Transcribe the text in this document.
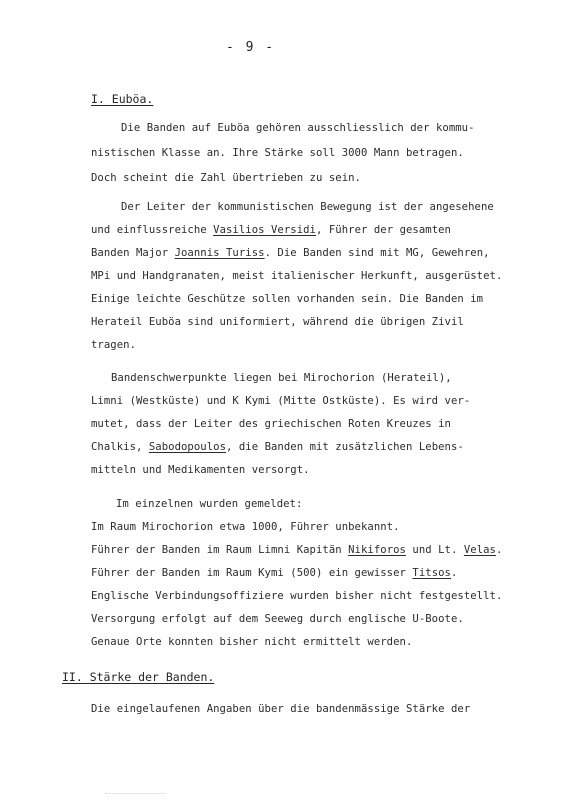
- 9 -
I. Euböa.
Die Banden auf Euböa gehören ausschliesslich der kommu-
nistischen Klasse an. Ihre Stärke soll 3000 Mann betragen.
Doch scheint die Zahl übertrieben zu sein.
Der Leiter der kommunistischen Bewegung ist der angesehene
und einflussreiche Vasilios Versidi, Führer der gesamten
Banden Major Joannis Turiss. Die Banden sind mit MG, Gewehren,
MPi und Handgranaten, meist italienischer Herkunft, ausgerüstet.
Einige leichte Geschütze sollen vorhanden sein. Die Banden im
Herateil Euböa sind uniformiert, während die übrigen Zivil
tragen.
Bandenschwerpunkte liegen bei Mirochorion (Herateil),
Limni (Westküste) und K Kymi (Mitte Ostküste). Es wird ver-
mutet, dass der Leiter des griechischen Roten Kreuzes in
Chalkis, Sabodopoulos, die Banden mit zusätzlichen Lebens-
mitteln und Medikamenten versorgt.
Im einzelnen wurden gemeldet:
Im Raum Mirochorion etwa 1000, Führer unbekannt.
Führer der Banden im Raum Limni Kapitän Nikiforos und Lt. Velas.
Führer der Banden im Raum Kymi (500) ein gewisser Titsos.
Englische Verbindungsoffiziere wurden bisher nicht festgestellt.
Versorgung erfolgt auf dem Seeweg durch englische U-Boote.
Genaue Orte konnten bisher nicht ermittelt werden.
II. Stärke der Banden.
Die eingelaufenen Angaben über die bandenmässige Stärke der
